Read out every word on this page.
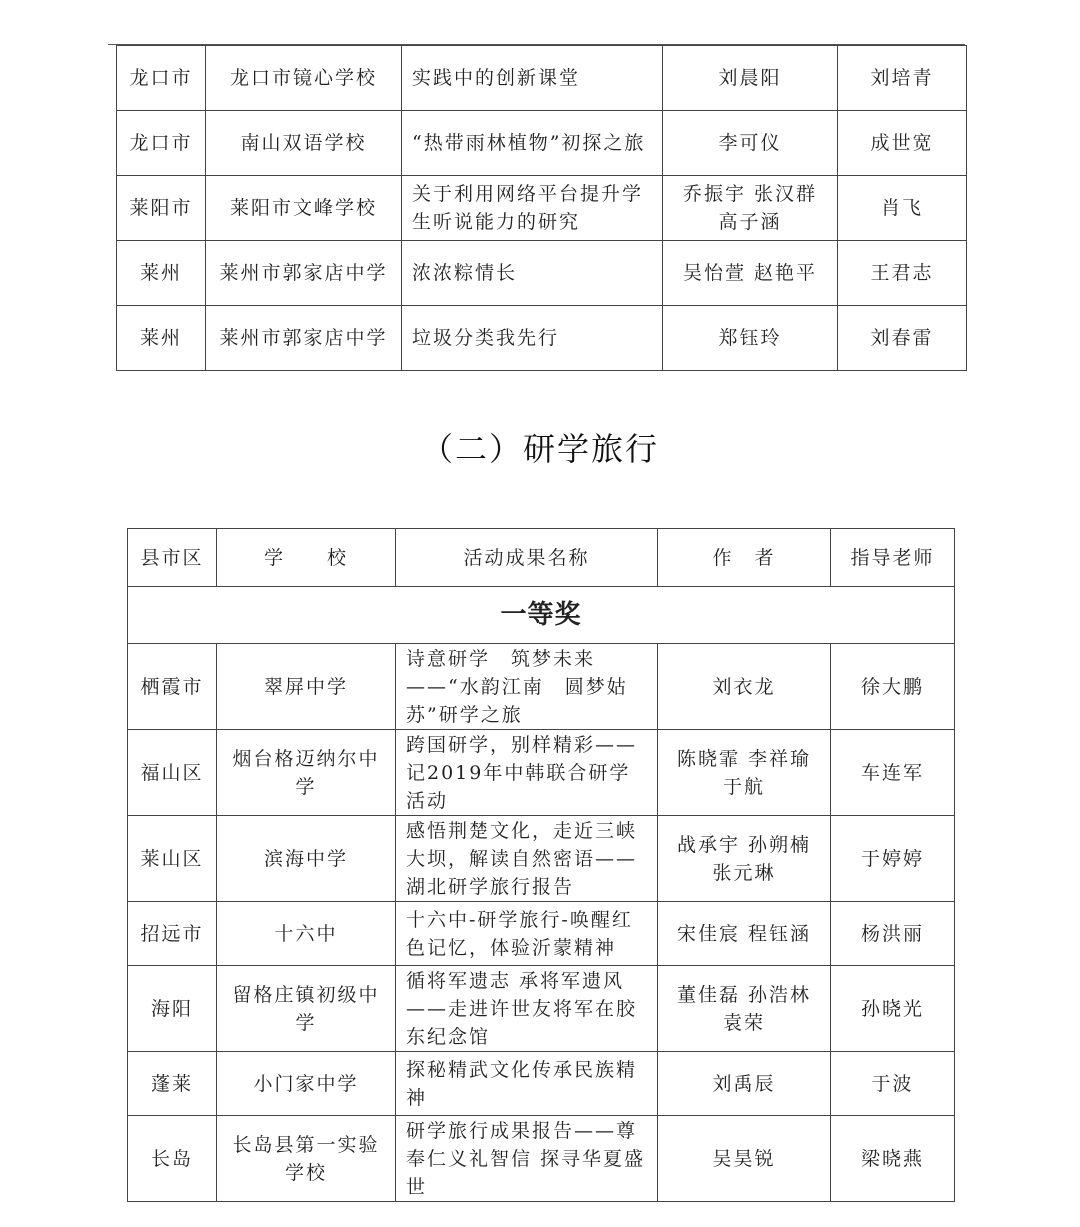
龙口市	龙口市镜心学校	实践中的创新课堂	刘晨阳	刘培青
龙口市	南山双语学校	“热带雨林植物”初探之旅	李可仪	成世宽
莱阳市	莱阳市文峰学校	关于利用网络平台提升学生听说能力的研究	乔振宇 张汉群 高子涵	肖飞
莱州	莱州市郭家店中学	浓浓粽情长	吴怡萱 赵艳平	王君志
莱州	莱州市郭家店中学	垃圾分类我先行	郑钰玲	刘春雷
（二）研学旅行
县市区	学　　校	活动成果名称	作　者	指导老师
一等奖				
栖霞市	翠屏中学	诗意研学　筑梦未来——“水韵江南　圆梦姑苏”研学之旅	刘衣龙	徐大鹏
福山区	烟台格迈纳尔中学	跨国研学，别样精彩——记2019年中韩联合研学活动	陈晓霏 李祥瑜 于航	车连军
莱山区	滨海中学	感悟荆楚文化，走近三峡大坝，解读自然密语——湖北研学旅行报告	战承宇 孙朔楠 张元琳	于婷婷
招远市	十六中	十六中-研学旅行-唤醒红色记忆，体验沂蒙精神	宋佳宸 程钰涵	杨洪丽
海阳	留格庄镇初级中学	循将军遗志 承将军遗风——走进许世友将军在胶东纪念馆	董佳磊 孙浩林 袁荣	孙晓光
蓬莱	小门家中学	探秘精武文化传承民族精神	刘禹辰	于波
长岛	长岛县第一实验学校	研学旅行成果报告——尊奉仁义礼智信 探寻华夏盛世	吴昊锐	梁晓燕
